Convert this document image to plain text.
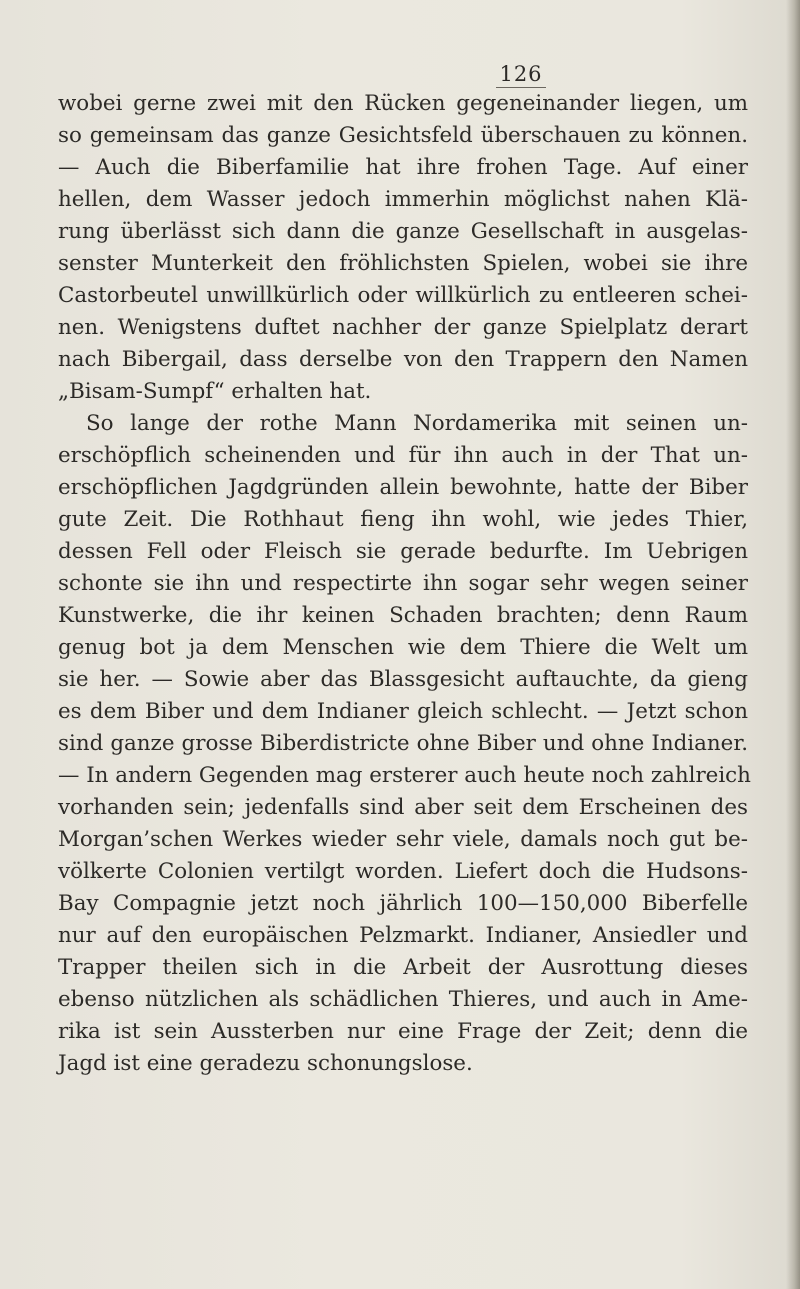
126
wobei gerne zwei mit den Rücken gegeneinander liegen, um
so gemeinsam das ganze Gesichtsfeld überschauen zu können.
— Auch die Biberfamilie hat ihre frohen Tage. Auf einer
hellen, dem Wasser jedoch immerhin möglichst nahen Klä-
rung überlässt sich dann die ganze Gesellschaft in ausgelas-
senster Munterkeit den fröhlichsten Spielen, wobei sie ihre
Castorbeutel unwillkürlich oder willkürlich zu entleeren schei-
nen. Wenigstens duftet nachher der ganze Spielplatz derart
nach Bibergail, dass derselbe von den Trappern den Namen
„Bisam-Sumpf“ erhalten hat.
So lange der rothe Mann Nordamerika mit seinen un-
erschöpflich scheinenden und für ihn auch in der That un-
erschöpflichen Jagdgründen allein bewohnte, hatte der Biber
gute Zeit. Die Rothhaut fieng ihn wohl, wie jedes Thier,
dessen Fell oder Fleisch sie gerade bedurfte. Im Uebrigen
schonte sie ihn und respectirte ihn sogar sehr wegen seiner
Kunstwerke, die ihr keinen Schaden brachten; denn Raum
genug bot ja dem Menschen wie dem Thiere die Welt um
sie her. — Sowie aber das Blassgesicht auftauchte, da gieng
es dem Biber und dem Indianer gleich schlecht. — Jetzt schon
sind ganze grosse Biberdistricte ohne Biber und ohne Indianer.
— In andern Gegenden mag ersterer auch heute noch zahlreich
vorhanden sein; jedenfalls sind aber seit dem Erscheinen des
Morgan’schen Werkes wieder sehr viele, damals noch gut be-
völkerte Colonien vertilgt worden. Liefert doch die Hudsons-
Bay Compagnie jetzt noch jährlich 100—150,000 Biberfelle
nur auf den europäischen Pelzmarkt. Indianer, Ansiedler und
Trapper theilen sich in die Arbeit der Ausrottung dieses
ebenso nützlichen als schädlichen Thieres, und auch in Ame-
rika ist sein Aussterben nur eine Frage der Zeit; denn die
Jagd ist eine geradezu schonungslose.
